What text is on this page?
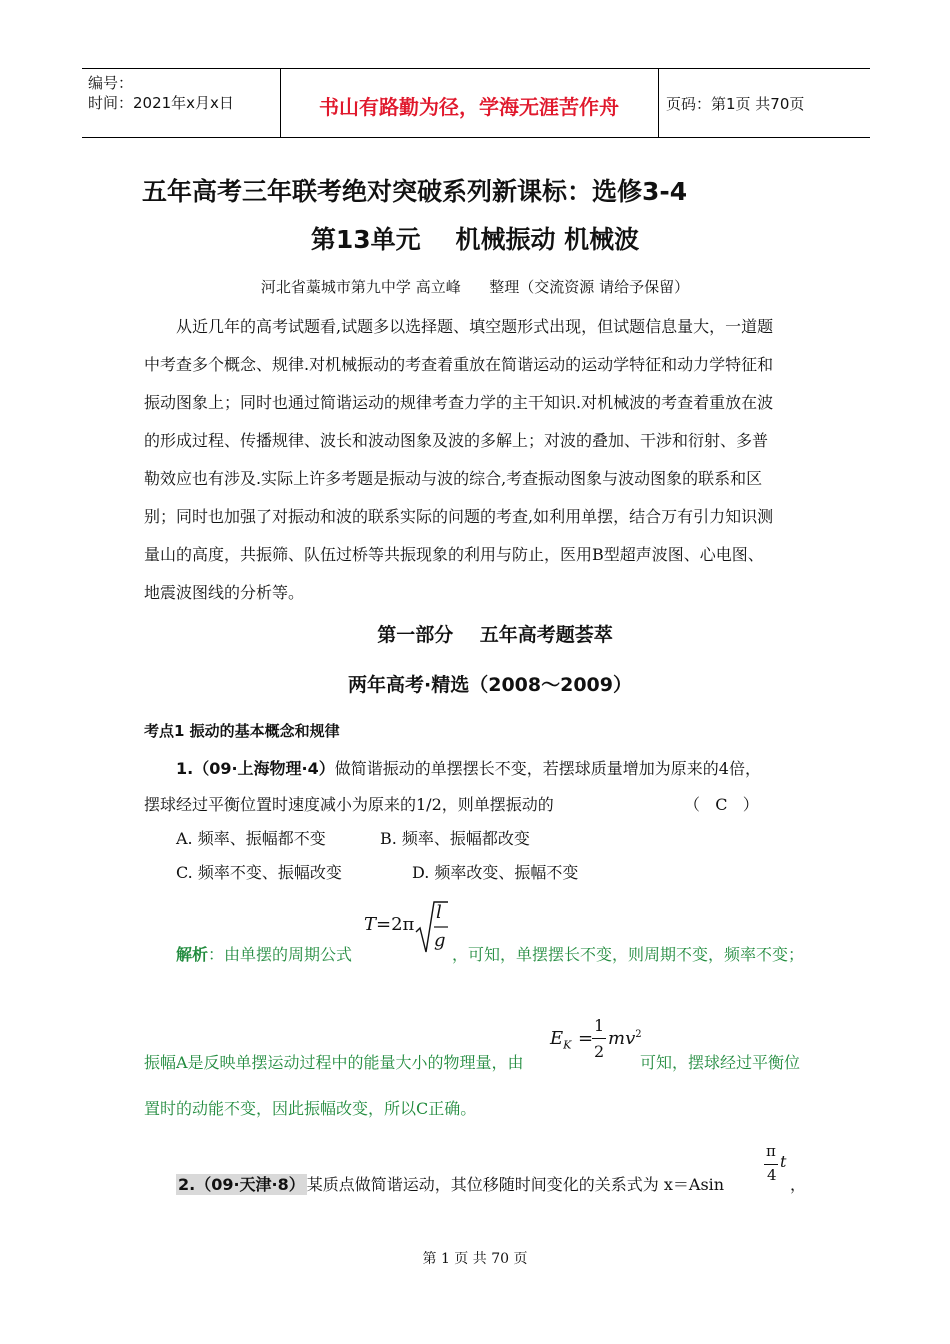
编号：
时间：2021年x月x日	书山有路勤为径，学海无涯苦作舟	页码：第1页 共70页
五年高考三年联考绝对突破系列新课标：选修3-4
第13单元    机械振动 机械波
河北省藁城市第九中学 高立峰      整理（交流资源 请给予保留）
从近几年的高考试题看,试题多以选择题、填空题形式出现，但试题信息量大，一道题
中考查多个概念、规律.对机械振动的考查着重放在简谐运动的运动学特征和动力学特征和
振动图象上；同时也通过简谐运动的规律考查力学的主干知识.对机械波的考查着重放在波
的形成过程、传播规律、波长和波动图象及波的多解上；对波的叠加、干涉和衍射、多普
勒效应也有涉及.实际上许多考题是振动与波的综合,考查振动图象与波动图象的联系和区
别；同时也加强了对振动和波的联系实际的问题的考查,如利用单摆，结合万有引力知识测
量山的高度，共振筛、队伍过桥等共振现象的利用与防止，医用B型超声波图、心电图、
地震波图线的分析等。
第一部分    五年高考题荟萃
两年高考·精选（2008～2009）
考点1 振动的基本概念和规律
1.（09·上海物理·4）做简谐振动的单摆摆长不变，若摆球质量增加为原来的4倍，
摆球经过平衡位置时速度减小为原来的1/2，则单摆振动的	（   C   ）
A. 频率、振幅都不变	B. 频率、振幅都改变
C. 频率不变、振幅改变	D. 频率改变、振幅不变
T=2π
l
g
解析：由单摆的周期公式	，可知，单摆摆长不变，则周期不变，频率不变；
$E_K$ =
1
2
$mv^2$
振幅A是反映单摆运动过程中的能量大小的物理量，由	可知，摆球经过平衡位
置时的动能不变，因此振幅改变，所以C正确。
2.（09·天津·8） 某质点做简谐运动，其位移随时间变化的关系式为 x＝Asin
π
4
t
，
第 1 页 共 70 页
